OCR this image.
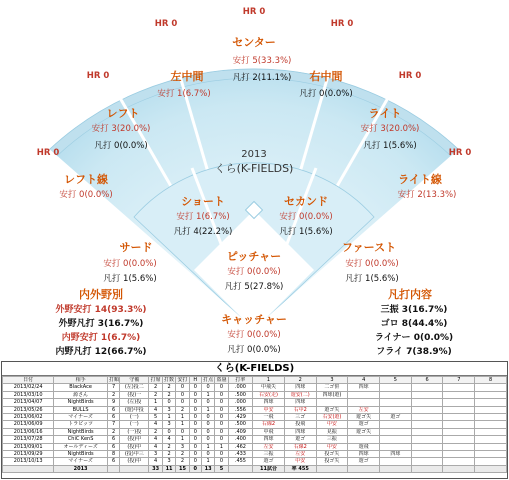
HR 0
HR 0
HR 0
HR 0
HR 0
HR 0
HR 0
2013
くら(K-FIELDS)
センター
安打 5(33.3%)
凡打 2(11.1%)
左中間
安打 1(6.7%)
右中間
凡打 0(0.0%)
レフト
安打 3(20.0%)
凡打 0(0.0%)
ライト
安打 3(20.0%)
凡打 1(5.6%)
レフト線
安打 0(0.0%)
ライト線
安打 2(13.3%)
ショート
安打 1(6.7%)
凡打 4(22.2%)
セカンド
安打 0(0.0%)
凡打 1(5.6%)
サード
安打 0(0.0%)
凡打 1(5.6%)
ピッチャー
安打 0(0.0%)
凡打 5(27.8%)
ファースト
安打 0(0.0%)
凡打 1(5.6%)
キャッチャー
安打 0(0.0%)
凡打 0(0.0%)
内外野別
外野安打 14(93.3%)
外野凡打 3(16.7%)
内野安打 1(6.7%)
内野凡打 12(66.7%)
凡打内容
三振 3(16.7%)
ゴロ 8(44.4%)
ライナー 0(0.0%)
フライ 7(38.9%)
くら(K-FIELDS)
日付	相手	打順	守備	打席	打数	安打	H	打点	盗塁	打率	1	2	3	4	5	6	7	8
2013/02/24	BlackAce	7	(左)投二	2	2	0	0	0	0	.000	中飛失	四球	二ゴ併	四球				
2013/03/10	源さん	2	(投)一	2	2	0	0	1	0	.500	右安(走)	遊安(二)	四球(遊)					
2013/04/07	NightBirds	9	(左)投	1	0	0	0	0	0	.000	四球	四球						
2013/05/26	BULLS	6	(遊)中投	4	3	2	0	1	0	.556	中安	右中2	遊ゴ失	左安				
2013/06/02	マイナーズ	6	(一)	5	1	1	0	0	0	.429	一飛	三ゴ	右安(遊)	遊ゴ失	遊ゴ			
2013/06/09	トラビッツ	7	(一)	4	3	1	0	0	0	.500	右線2	投飛	中安	遊ゴ				
2013/06/16	NightBirds	2	(一)投	2	0	0	0	0	0	.409	中飛	四球	見振	遊ゴ失				
2013/07/28	ChiC KenS	6	(投)中	4	4	1	0	0	0	.400	四球	遊ゴ	三振					
2013/09/01	オールディーズ	6	(投)中	4	2	3	0	1	1	.462	左安	右線2	中安	遊飛				
2013/09/29	NightBirds	8	(投)中三	3	2	2	0	0	0	.433	三振	左安	投ゴ失	四球	四球			
2013/10/13	マイナーズ	6	(投)中	4	3	2	0	1	0	.455	遊ゴ	中安	投ゴ失	遊ゴ				
	2013			33	11	15	0	13	5		11試合	率 455						
